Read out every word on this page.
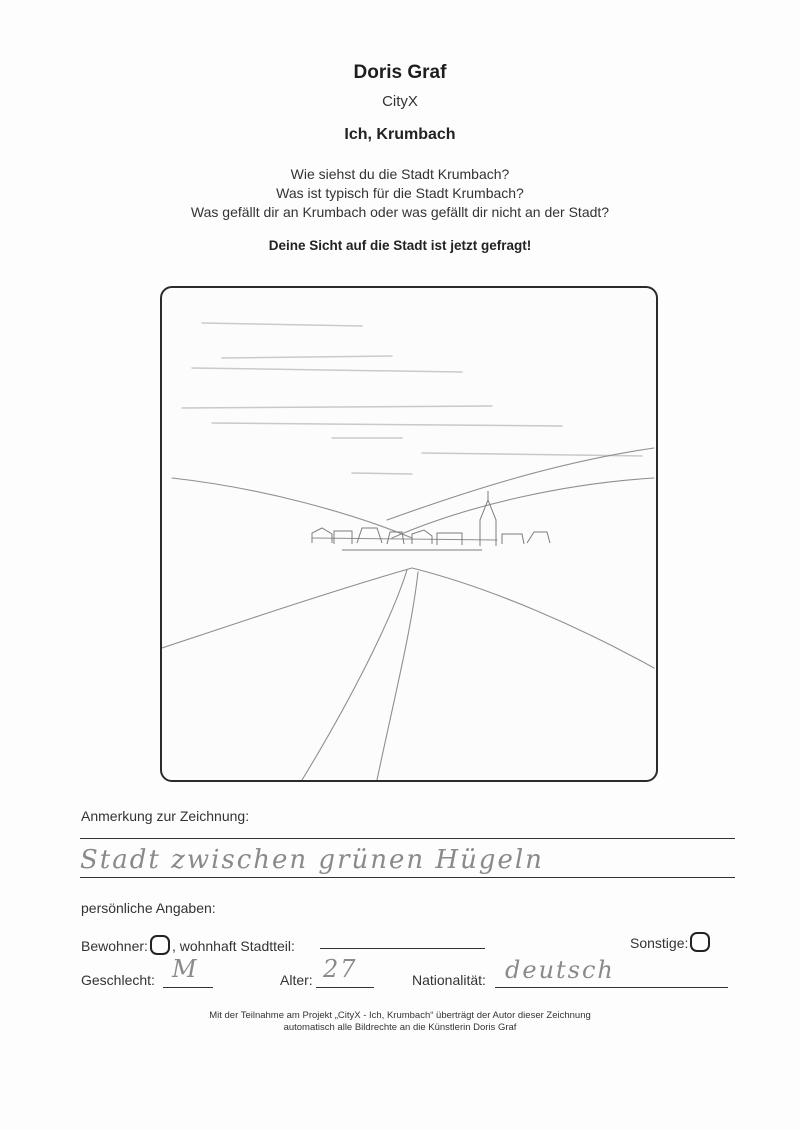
Doris Graf
CityX
Ich, Krumbach
Wie siehst du die Stadt Krumbach?
Was ist typisch für die Stadt Krumbach?
Was gefällt dir an Krumbach oder was gefällt dir nicht an der Stadt?
Deine Sicht auf die Stadt ist jetzt gefragt!
Anmerkung zur Zeichnung:
Stadt zwischen grünen Hügeln
persönliche Angaben:
Bewohner: , wohnhaft Stadtteil:	Sonstige:
Geschlecht: M	Alter: 27	Nationalität: deutsch
Mit der Teilnahme am Projekt „CityX - Ich, Krumbach“ überträgt der Autor dieser Zeichnung
automatisch alle Bildrechte an die Künstlerin Doris Graf
